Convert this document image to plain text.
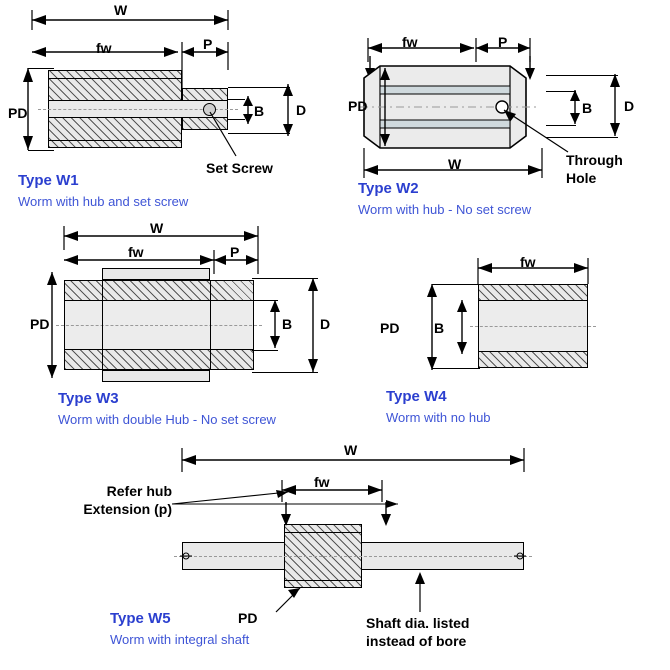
W
fw	P
PD	B D
Set Screw
Type W1
Worm with hub and set screw
fw	P
PD	B D
W	Through
Hole
Type W2
Worm with hub - No set screw
W
fw	P
PD	B D
Type W3
Worm with double Hub - No set screw
fw
PD B
Type W4
Worm with no hub
W
fw
Refer hub
Extension (p)
PD	Shaft dia. listed
instead of bore
Type W5
Worm with integral shaft
